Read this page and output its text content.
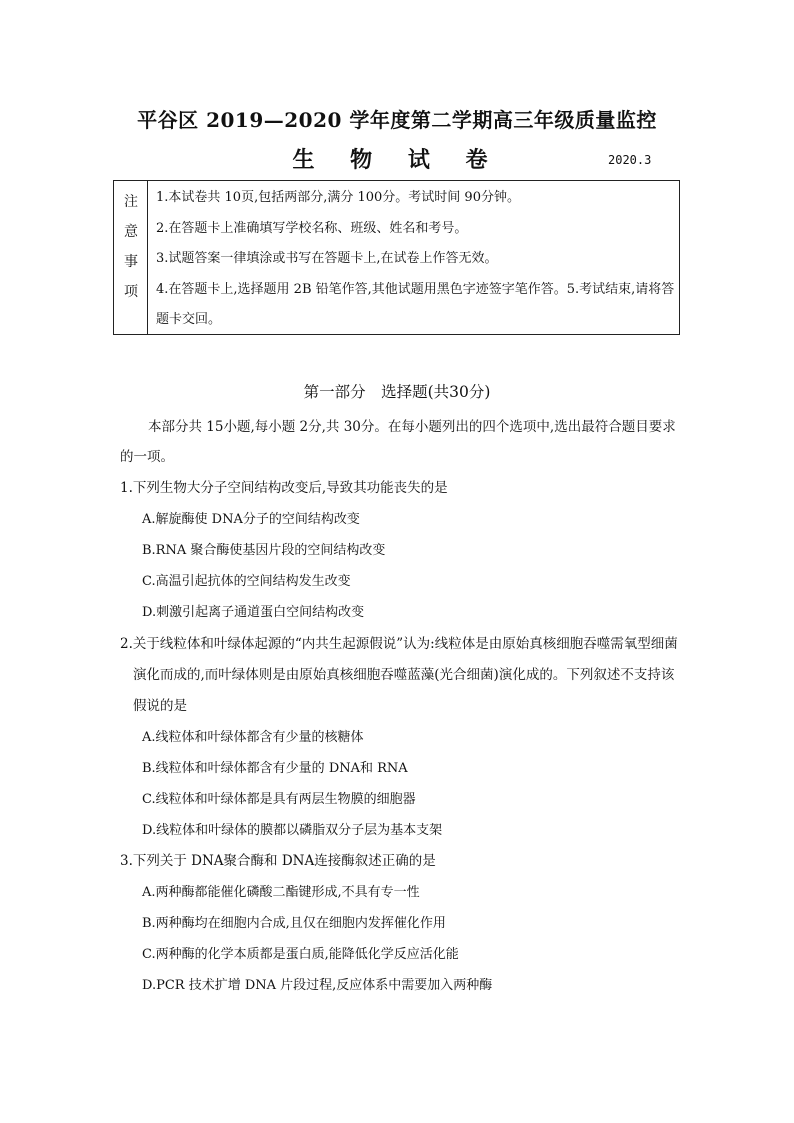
平谷区 2019—2020 学年度第二学期高三年级质量监控
生 物 试 卷	2020.3
注
意
事
项
1.本试卷共 10页,包括两部分,满分 100分。考试时间 90分钟。
2.在答题卡上准确填写学校名称、班级、姓名和考号。
3.试题答案一律填涂或书写在答题卡上,在试卷上作答无效。
4.在答题卡上,选择题用 2B 铅笔作答,其他试题用黑色字迹签字笔作答。5.考试结束,请将答题卡交回。
第一部分　选择题(共30分)
本部分共 15小题,每小题 2分,共 30分。在每小题列出的四个选项中,选出最符合题目要求的一项。
1.下列生物大分子空间结构改变后,导致其功能丧失的是
A.解旋酶使 DNA分子的空间结构改变
B.RNA 聚合酶使基因片段的空间结构改变
C.高温引起抗体的空间结构发生改变
D.刺激引起离子通道蛋白空间结构改变
2.关于线粒体和叶绿体起源的“内共生起源假说”认为:线粒体是由原始真核细胞吞噬需氧型细菌演化而成的,而叶绿体则是由原始真核细胞吞噬蓝藻(光合细菌)演化成的。下列叙述不支持该假说的是
A.线粒体和叶绿体都含有少量的核糖体
B.线粒体和叶绿体都含有少量的 DNA和 RNA
C.线粒体和叶绿体都是具有两层生物膜的细胞器
D.线粒体和叶绿体的膜都以磷脂双分子层为基本支架
3.下列关于 DNA聚合酶和 DNA连接酶叙述正确的是
A.两种酶都能催化磷酸二酯键形成,不具有专一性
B.两种酶均在细胞内合成,且仅在细胞内发挥催化作用
C.两种酶的化学本质都是蛋白质,能降低化学反应活化能
D.PCR 技术扩增 DNA 片段过程,反应体系中需要加入两种酶
